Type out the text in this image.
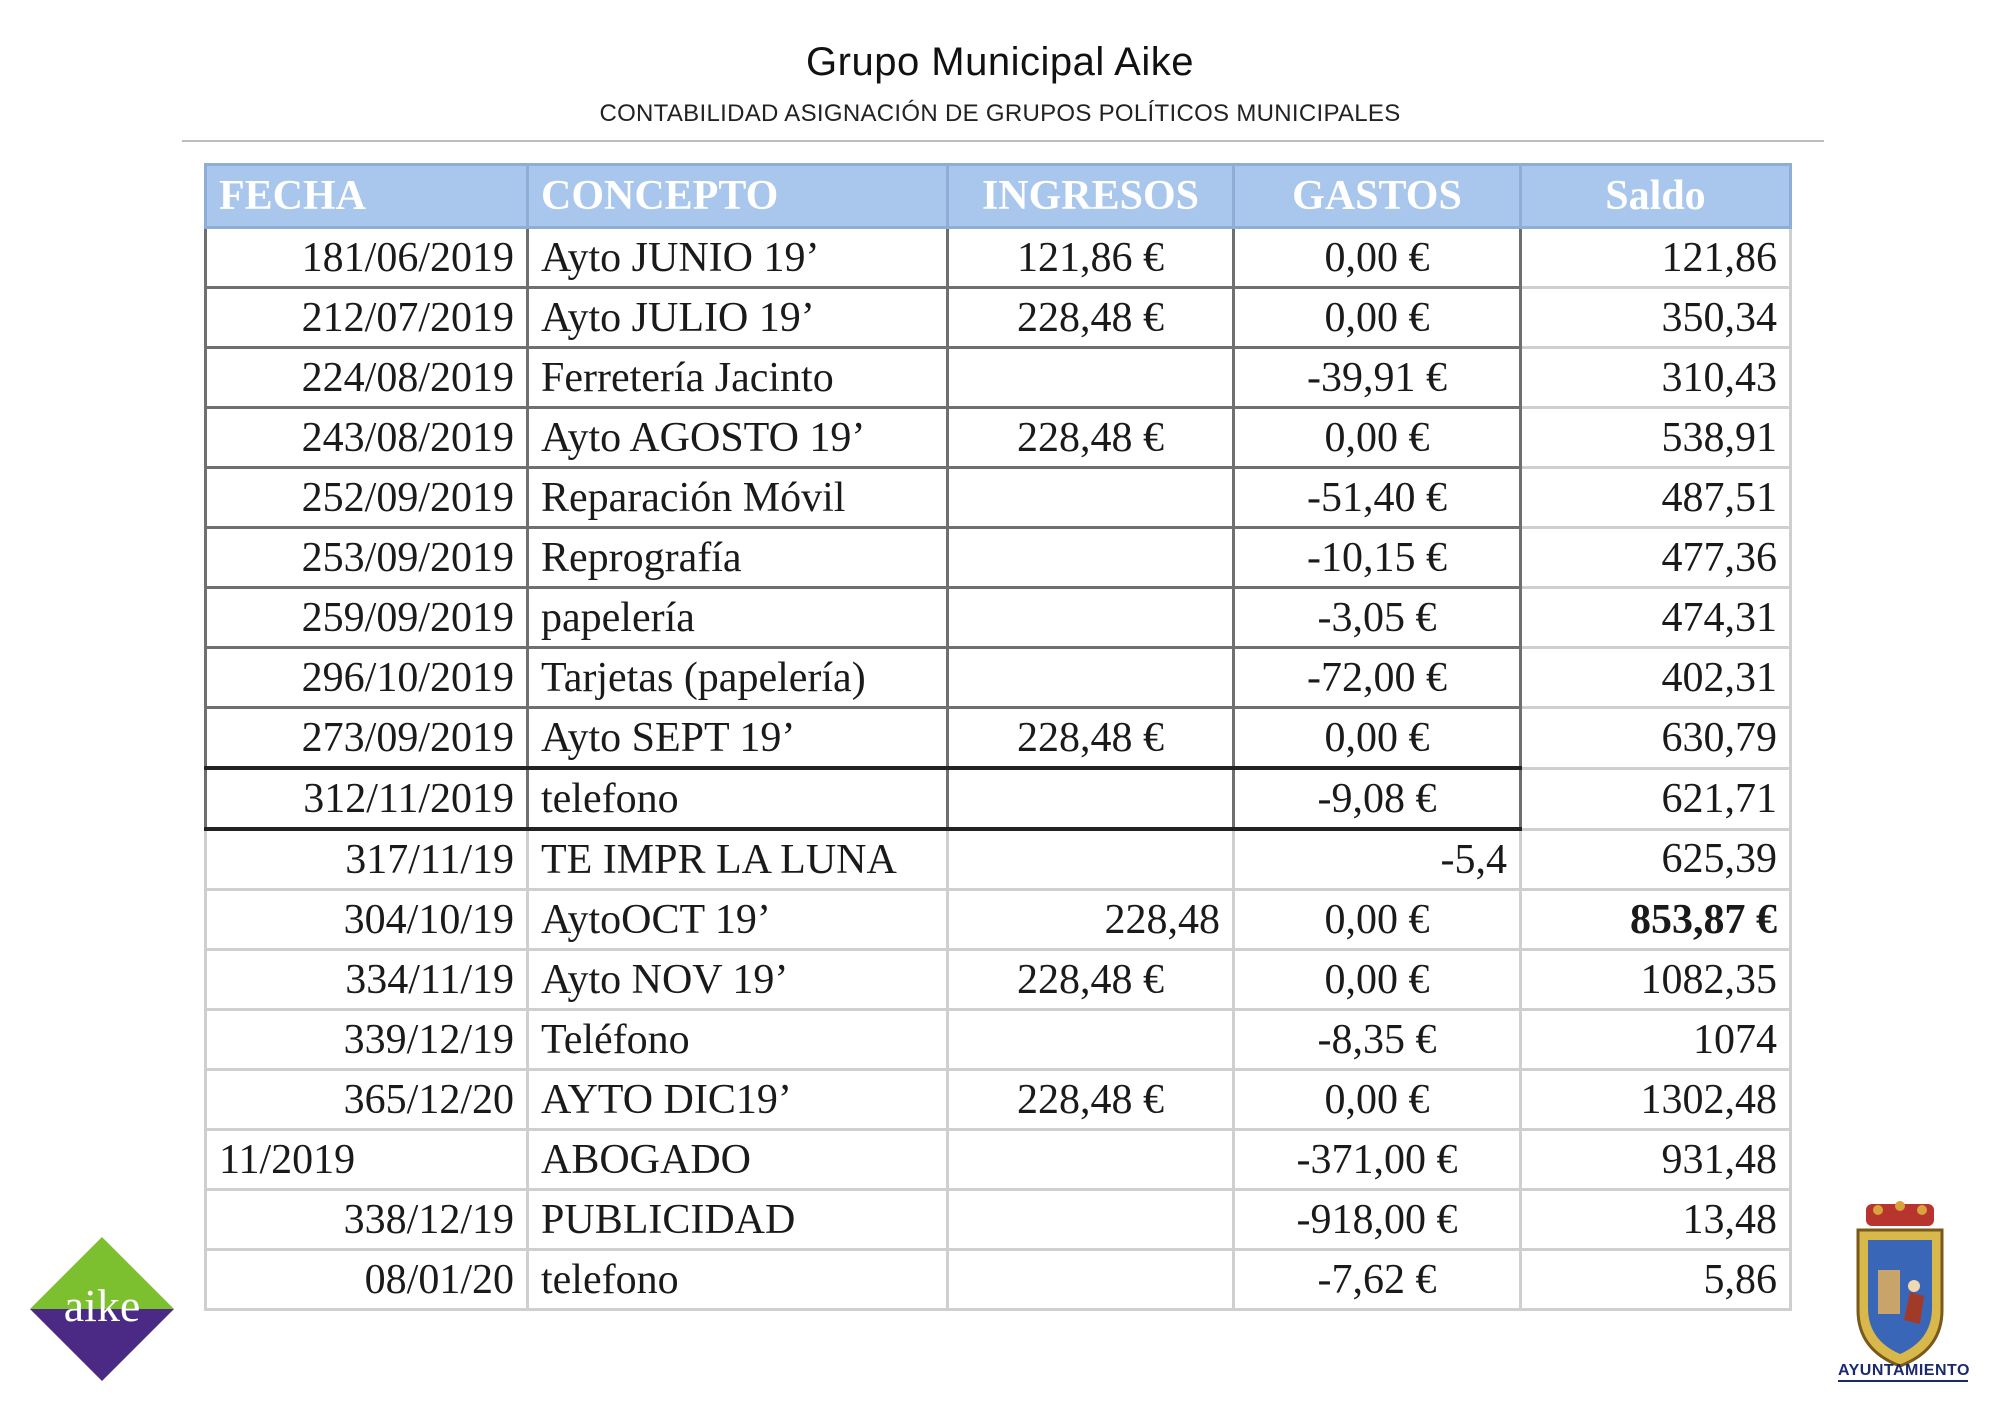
Grupo Municipal Aike
CONTABILIDAD ASIGNACIÓN DE GRUPOS POLÍTICOS MUNICIPALES
FECHA	CONCEPTO	INGRESOS	GASTOS	Saldo
181/06/2019	Ayto JUNIO 19’	121,86 €	0,00 €	121,86
212/07/2019	Ayto JULIO 19’	228,48 €	0,00 €	350,34
224/08/2019	Ferretería Jacinto		-39,91 €	310,43
243/08/2019	Ayto AGOSTO 19’	228,48 €	0,00 €	538,91
252/09/2019	Reparación Móvil		-51,40 €	487,51
253/09/2019	Reprografía		-10,15 €	477,36
259/09/2019	papelería		-3,05 €	474,31
296/10/2019	Tarjetas (papelería)		-72,00 €	402,31
273/09/2019	Ayto SEPT 19’	228,48 €	0,00 €	630,79
312/11/2019	telefono		-9,08 €	621,71
317/11/19	TE IMPR LA LUNA		-5,4	625,39
304/10/19	AytoOCT 19’	228,48	0,00 €	853,87 €
334/11/19	Ayto NOV 19’	228,48 €	0,00 €	1082,35
339/12/19	Teléfono		-8,35 €	1074
365/12/20	AYTO DIC19’	228,48 €	0,00 €	1302,48
11/2019	ABOGADO		-371,00 €	931,48
338/12/19	PUBLICIDAD		-918,00 €	13,48
08/01/20	telefono		-7,62 €	5,86
aike
AYUNTAMIENTO
